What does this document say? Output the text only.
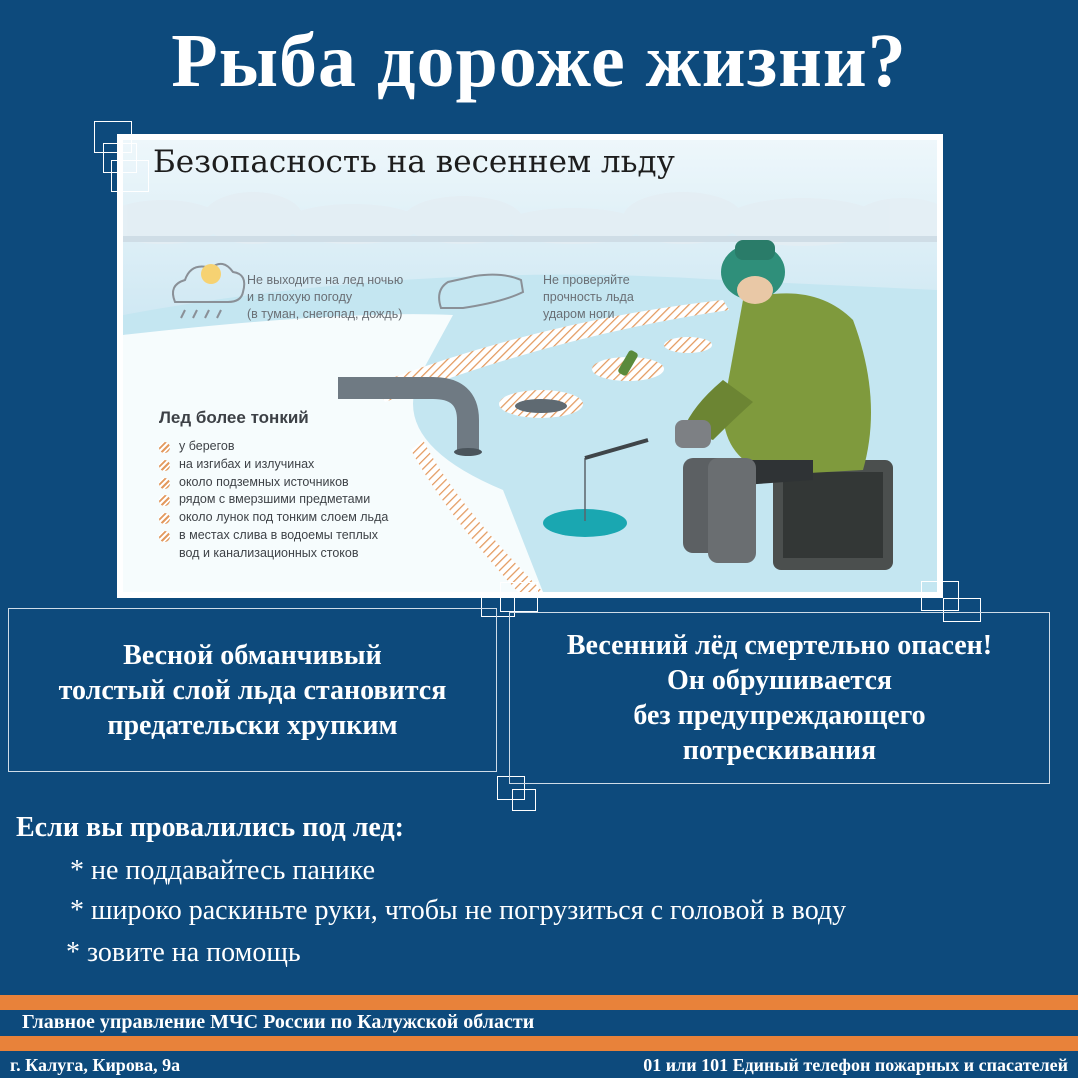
Рыба дороже жизни?
Безопасность на весеннем льду
Не выходите на лед ночью
и в плохую погоду
(в туман, снегопад, дождь)
Не проверяйте
прочность льда
ударом ноги
Лед более тонкий
у берегов
на изгибах и излучинах
около подземных источников
рядом с вмерзшими предметами
около лунок под тонким слоем льда
в местах слива в водоемы теплых
вод и канализационных стоков
Весной обманчивый
толстый слой льда становится
предательски хрупким
Весенний лёд смертельно опасен!
Он обрушивается
без предупреждающего
потрескивания
Если вы провалились под лед:
* не поддавайтесь панике
* широко раскиньте руки, чтобы не погрузиться с головой в воду
* зовите на помощь
Главное управление МЧС России по Калужской области
г. Калуга, Кирова, 9а	01 или 101 Единый телефон пожарных и спасателей
